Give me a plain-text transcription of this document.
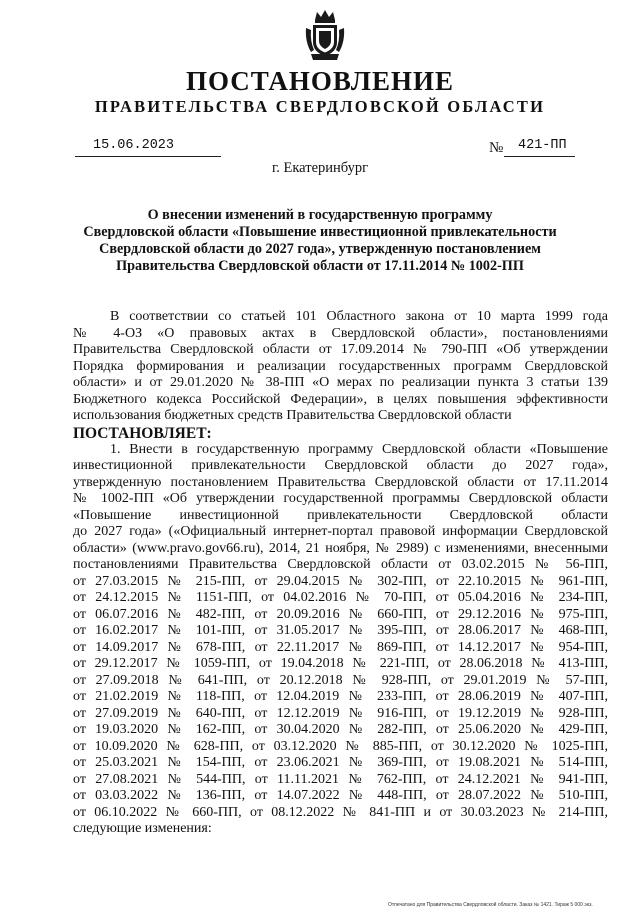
ПОСТАНОВЛЕНИЕ
ПРАВИТЕЛЬСТВА СВЕРДЛОВСКОЙ ОБЛАСТИ
15.06.2023	№ 421-ПП
г. Екатеринбург
О внесении изменений в государственную программу
Свердловской области «Повышение инвестиционной привлекательности
Свердловской области до 2027 года», утвержденную постановлением
Правительства Свердловской области от 17.11.2014 № 1002-ПП
В соответствии со статьей 101 Областного закона от 10 марта 1999 года
№ 4-ОЗ «О правовых актах в Свердловской области», постановлениями
Правительства Свердловской области от 17.09.2014 № 790-ПП «Об утверждении
Порядка формирования и реализации государственных программ Свердловской
области» и от 29.01.2020 № 38-ПП «О мерах по реализации пункта 3 статьи 139
Бюджетного кодекса Российской Федерации», в целях повышения эффективности
использования бюджетных средств Правительства Свердловской области
ПОСТАНОВЛЯЕТ:
1. Внести в государственную программу Свердловской области «Повышение
инвестиционной привлекательности Свердловской области до 2027 года»,
утвержденную постановлением Правительства Свердловской области от 17.11.2014
№ 1002-ПП «Об утверждении государственной программы Свердловской области
«Повышение инвестиционной привлекательности Свердловской области
до 2027 года» («Официальный интернет-портал правовой информации Свердловской
области» (www.pravo.gov66.ru), 2014, 21 ноября, № 2989) с изменениями, внесенными
постановлениями Правительства Свердловской области от 03.02.2015 № 56-ПП,
от 27.03.2015 № 215-ПП, от 29.04.2015 № 302-ПП, от 22.10.2015 № 961-ПП,
от 24.12.2015 № 1151-ПП, от 04.02.2016 № 70-ПП, от 05.04.2016 № 234-ПП,
от 06.07.2016 № 482-ПП, от 20.09.2016 № 660-ПП, от 29.12.2016 № 975-ПП,
от 16.02.2017 № 101-ПП, от 31.05.2017 № 395-ПП, от 28.06.2017 № 468-ПП,
от 14.09.2017 № 678-ПП, от 22.11.2017 № 869-ПП, от 14.12.2017 № 954-ПП,
от 29.12.2017 № 1059-ПП, от 19.04.2018 № 221-ПП, от 28.06.2018 № 413-ПП,
от 27.09.2018 № 641-ПП, от 20.12.2018 № 928-ПП, от 29.01.2019 № 57-ПП,
от 21.02.2019 № 118-ПП, от 12.04.2019 № 233-ПП, от 28.06.2019 № 407-ПП,
от 27.09.2019 № 640-ПП, от 12.12.2019 № 916-ПП, от 19.12.2019 № 928-ПП,
от 19.03.2020 № 162-ПП, от 30.04.2020 № 282-ПП, от 25.06.2020 № 429-ПП,
от 10.09.2020 № 628-ПП, от 03.12.2020 № 885-ПП, от 30.12.2020 № 1025-ПП,
от 25.03.2021 № 154-ПП, от 23.06.2021 № 369-ПП, от 19.08.2021 № 514-ПП,
от 27.08.2021 № 544-ПП, от 11.11.2021 № 762-ПП, от 24.12.2021 № 941-ПП,
от 03.03.2022 № 136-ПП, от 14.07.2022 № 448-ПП, от 28.07.2022 № 510-ПП,
от 06.10.2022 № 660-ПП, от 08.12.2022 № 841-ПП и от 30.03.2023 № 214-ПП,
следующие изменения:
Отпечатано для Правительства Свердловской области. Заказ № 1421. Тираж 5 000 экз.
